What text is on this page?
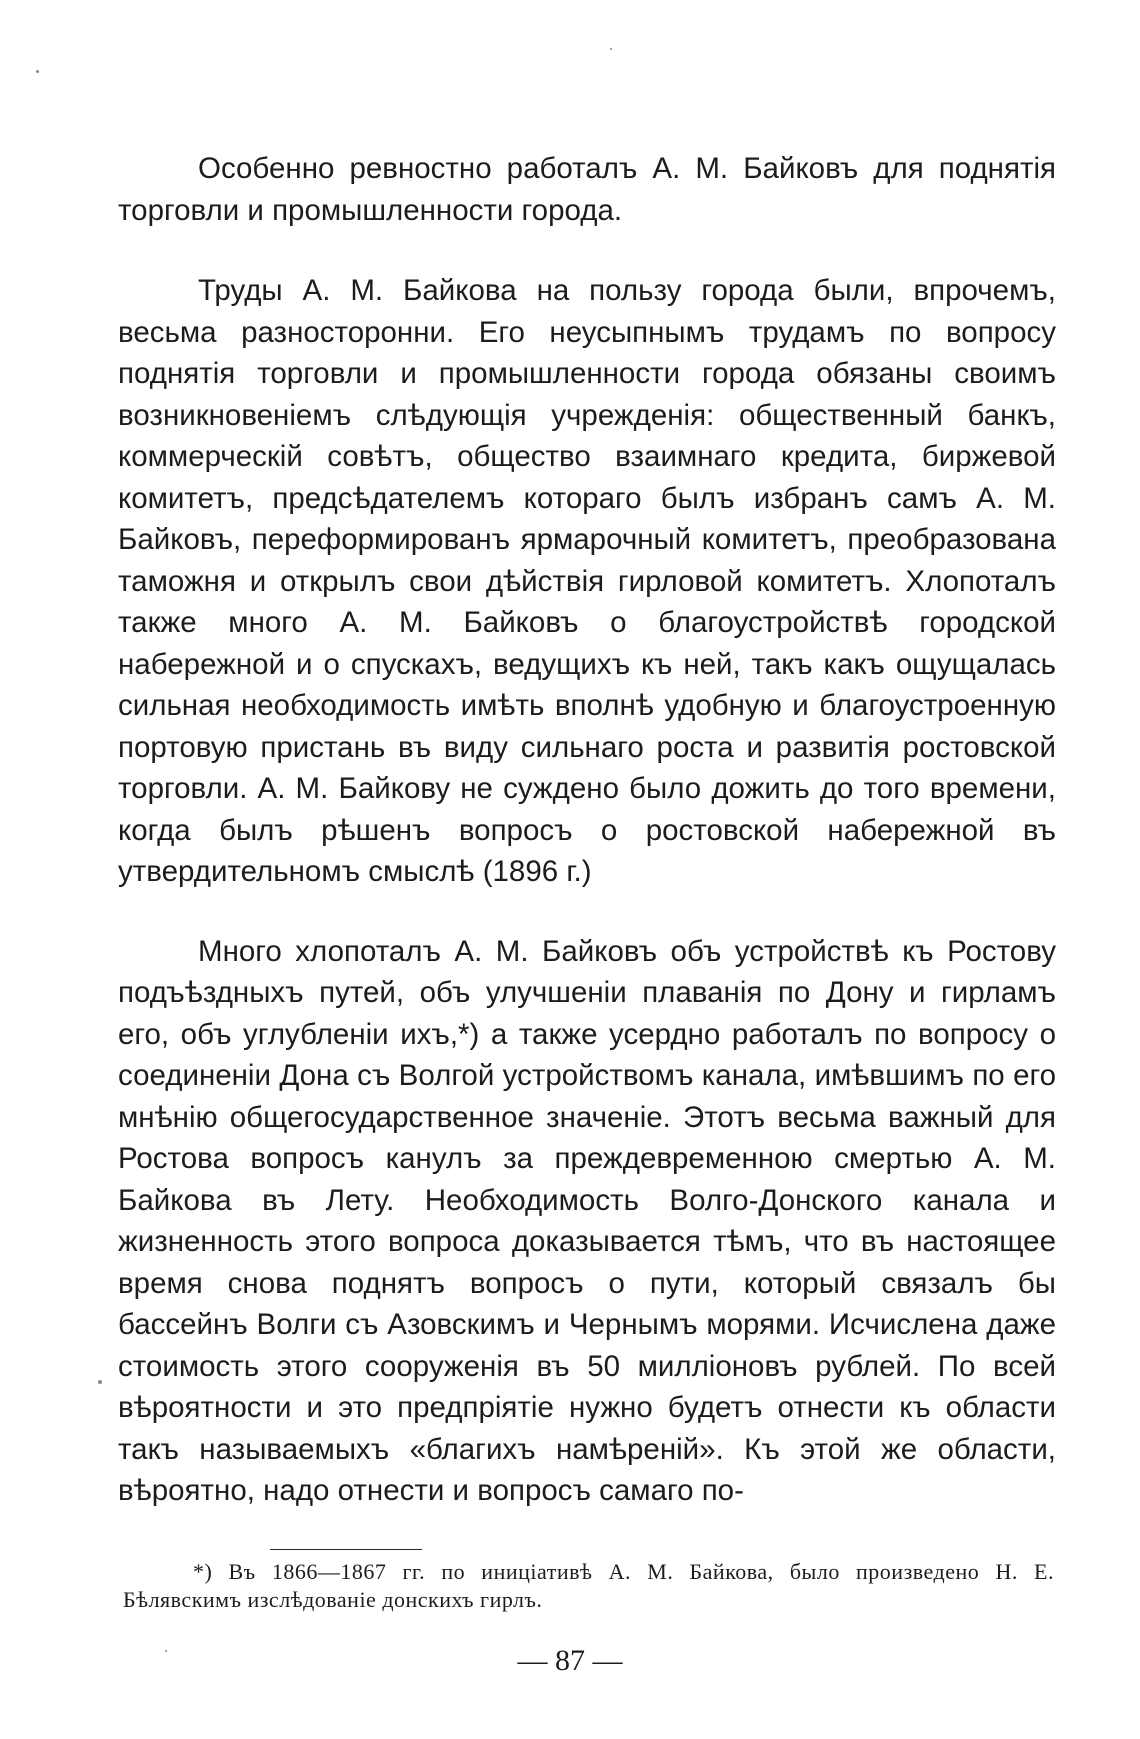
Особенно ревностно работалъ А. М. Байковъ для поднятія торговли и промышленности города.

Труды А. М. Байкова на пользу города были, впрочемъ, весьма разносторонни. Его неусыпнымъ трудамъ по вопросу поднятія торговли и промышленности города обязаны своимъ возникновеніемъ слѣдующія учрежденія: общественный банкъ, коммерческій совѣтъ, общество взаимнаго кредита, биржевой комитетъ, предсѣдателемъ котораго былъ избранъ самъ А. М. Байковъ, переформированъ ярмарочный комитетъ, преобразована таможня и открылъ свои дѣйствія гирловой комитетъ. Хлопоталъ также много А. М. Байковъ о благоустройствѣ городской набережной и о спускахъ, ведущихъ къ ней, такъ какъ ощущалась сильная необходимость имѣть вполнѣ удобную и благоустроенную портовую пристань въ виду сильнаго роста и развитія ростовской торговли. А. М. Байкову не суждено было дожить до того времени, когда былъ рѣшенъ вопросъ о ростовской набережной въ утвердительномъ смыслѣ (1896 г.)

Много хлопоталъ А. М. Байковъ объ устройствѣ къ Ростову подъѣздныхъ путей, объ улучшеніи плаванія по Дону и гирламъ его, объ углубленіи ихъ,*) а также усердно работалъ по вопросу о соединеніи Дона съ Волгой устройствомъ канала, имѣвшимъ по его мнѣнію общегосударственное значеніе. Этотъ весьма важный для Ростова вопросъ канулъ за преждевременною смертью А. М. Байкова въ Лету. Необходимость Волго-Донского канала и жизненность этого вопроса доказывается тѣмъ, что въ настоящее время снова поднятъ вопросъ о пути, который связалъ бы бассейнъ Волги съ Азовскимъ и Чернымъ морями. Исчислена даже стоимость этого сооруженія въ 50 милліоновъ рублей. По всей вѣроятности и это предпріятіе нужно будетъ отнести къ области такъ называемыхъ «благихъ намѣреній». Къ этой же области, вѣроятно, надо отнести и вопросъ самаго по-

*) Въ 1866—1867 гг. по иниціативѣ А. М. Байкова, было произведено Н. Е. Бѣлявскимъ изслѣдованіе донскихъ гирлъ.

— 87 —
